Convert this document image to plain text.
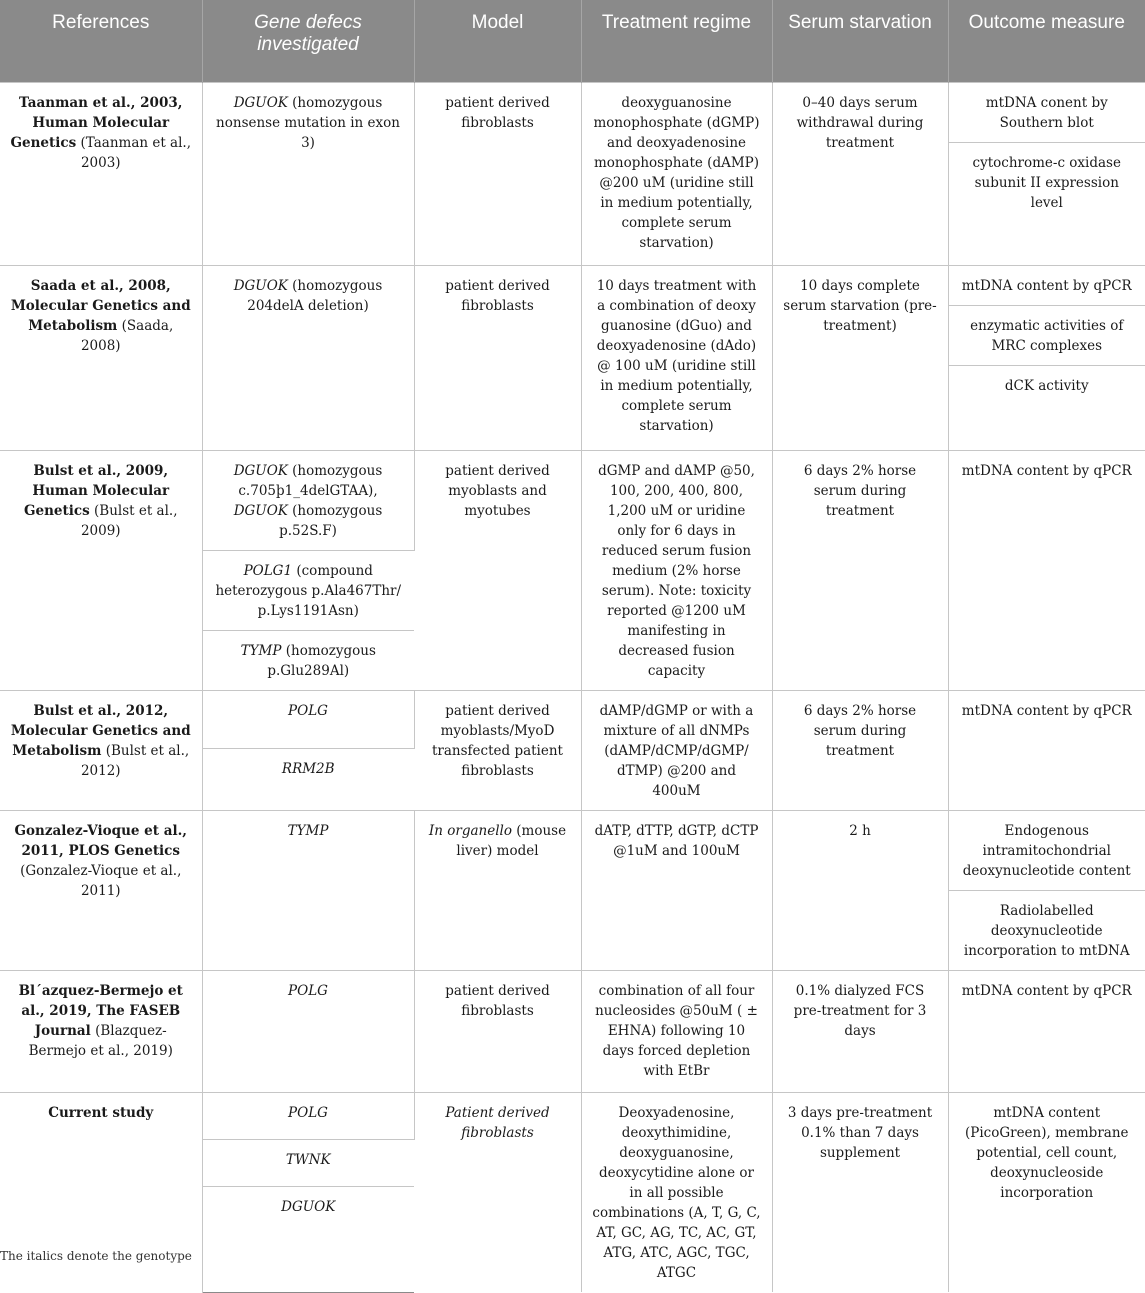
References	Gene defecs investigated	Model	Treatment regime	Serum starvation	Outcome measure
Taanman et al., 2003, Human Molecular Genetics (Taanman et al., 2003)	DGUOK (homozygous nonsense mutation in exon 3)	patient derived fibroblasts	deoxyguanosine monophosphate (dGMP) and deoxyadenosine monophosphate (dAMP) @200 uM (uridine still in medium potentially, complete serum starvation)	0–40 days serum withdrawal during treatment	mtDNA conent by Southern blot
					cytochrome-c oxidase subunit II expression level
Saada et al., 2008, Molecular Genetics and Metabolism (Saada, 2008)	DGUOK (homozygous 204delA deletion)	patient derived fibroblasts	10 days treatment with a combination of deoxy guanosine (dGuo) and deoxyadenosine (dAdo) @ 100 uM (uridine still in medium potentially, complete serum starvation)	10 days complete serum starvation (pre-treatment)	mtDNA content by qPCR
					enzymatic activities of MRC complexes
					dCK activity
Bulst et al., 2009, Human Molecular Genetics (Bulst et al., 2009)	DGUOK (homozygous c.705þ1_4delGTAA), DGUOK (homozygous p.52S.F)	patient derived myoblasts and myotubes	dGMP and dAMP @50, 100, 200, 400, 800, 1,200 uM or uridine only for 6 days in reduced serum fusion medium (2% horse serum). Note: toxicity reported @1200 uM manifesting in decreased fusion capacity	6 days 2% horse serum during treatment	mtDNA content by qPCR
	POLG1 (compound heterozygous p.Ala467Thr/ p.Lys1191Asn)				
	TYMP (homozygous p.Glu289Al)				
Bulst et al., 2012, Molecular Genetics and Metabolism (Bulst et al., 2012)	POLG	patient derived myoblasts/MyoD transfected patient fibroblasts	dAMP/dGMP or with a mixture of all dNMPs (dAMP/dCMP/dGMP/ dTMP) @200 and 400uM	6 days 2% horse serum during treatment	mtDNA content by qPCR
	RRM2B				
Gonzalez-Vioque et al., 2011, PLOS Genetics (Gonzalez-Vioque et al., 2011)	TYMP	In organello (mouse liver) model	dATP, dTTP, dGTP, dCTP @1uM and 100uM	2 h	Endogenous intramitochondrial deoxynucleotide content
					Radiolabelled deoxynucleotide incorporation to mtDNA
Bl´azquez-Bermejo et al., 2019, The FASEB Journal (Blazquez-Bermejo et al., 2019)	POLG	patient derived fibroblasts	combination of all four nucleosides @50uM ( ± EHNA) following 10 days forced depletion with EtBr	0.1% dialyzed FCS pre-treatment for 3 days	mtDNA content by qPCR
Current study	POLG	Patient derived fibroblasts	Deoxyadenosine, deoxythimidine, deoxyguanosine, deoxycytidine alone or in all possible combinations (A, T, G, C, AT, GC, AG, TC, AC, GT, ATG, ATC, AGC, TGC, ATGC	3 days pre-treatment 0.1% than 7 days supplement	mtDNA content (PicoGreen), membrane potential, cell count, deoxynucleoside incorporation
	TWNK				
	DGUOK				
The italics denote the genotype
